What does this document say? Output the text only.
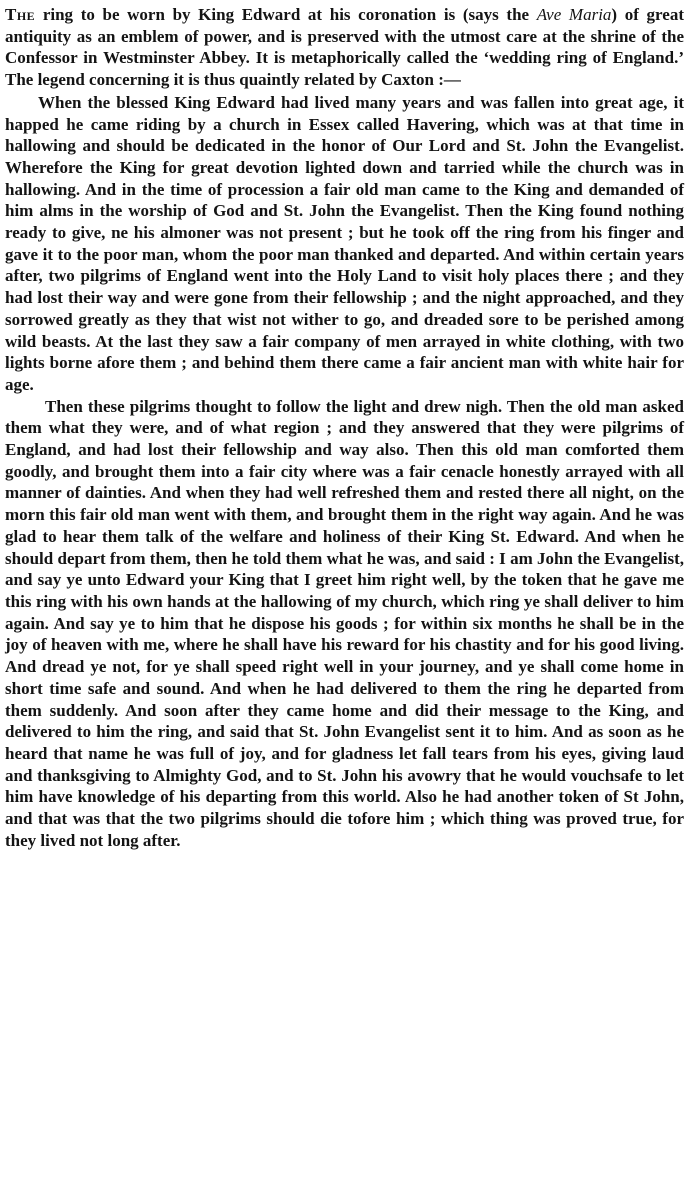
The ring to be worn by King Edward at his coronation is (says the Ave Maria) of great antiquity as an emblem of power, and is preserved with the utmost care at the shrine of the Confessor in Westminster Abbey. It is metaphorically called the ‘wedding ring of England.’ The legend concerning it is thus quaintly related by Caxton :—

When the blessed King Edward had lived many years and was fallen into great age, it happed he came riding by a church in Essex called Havering, which was at that time in hallowing and should be dedicated in the honor of Our Lord and St. John the Evangelist. Wherefore the King for great devotion lighted down and tarried while the church was in hallowing. And in the time of procession a fair old man came to the King and demanded of him alms in the worship of God and St. John the Evangelist. Then the King found nothing ready to give, ne his almoner was not present ; but he took off the ring from his finger and gave it to the poor man, whom the poor man thanked and departed. And within certain years after, two pilgrims of England went into the Holy Land to visit holy places there ; and they had lost their way and were gone from their fellowship ; and the night approached, and they sorrowed greatly as they that wist not wither to go, and dreaded sore to be perished among wild beasts. At the last they saw a fair company of men arrayed in white clothing, with two lights borne afore them ; and behind them there came a fair ancient man with white hair for age.

Then these pilgrims thought to follow the light and drew nigh. Then the old man asked them what they were, and of what region ; and they answered that they were pilgrims of England, and had lost their fellowship and way also. Then this old man comforted them goodly, and brought them into a fair city where was a fair cenacle honestly arrayed with all manner of dainties. And when they had well refreshed them and rested there all night, on the morn this fair old man went with them, and brought them in the right way again. And he was glad to hear them talk of the welfare and holiness of their King St. Edward. And when he should depart from them, then he told them what he was, and said : I am John the Evangelist, and say ye unto Edward your King that I greet him right well, by the token that he gave me this ring with his own hands at the hallowing of my church, which ring ye shall deliver to him again. And say ye to him that he dispose his goods ; for within six months he shall be in the joy of heaven with me, where he shall have his reward for his chastity and for his good living. And dread ye not, for ye shall speed right well in your journey, and ye shall come home in short time safe and sound. And when he had delivered to them the ring he departed from them suddenly. And soon after they came home and did their message to the King, and delivered to him the ring, and said that St. John Evangelist sent it to him. And as soon as he heard that name he was full of joy, and for gladness let fall tears from his eyes, giving laud and thanksgiving to Almighty God, and to St. John his avowry that he would vouchsafe to let him have knowledge of his departing from this world. Also he had another token of St John, and that was that the two pilgrims should die tofore him ; which thing was proved true, for they lived not long after.
